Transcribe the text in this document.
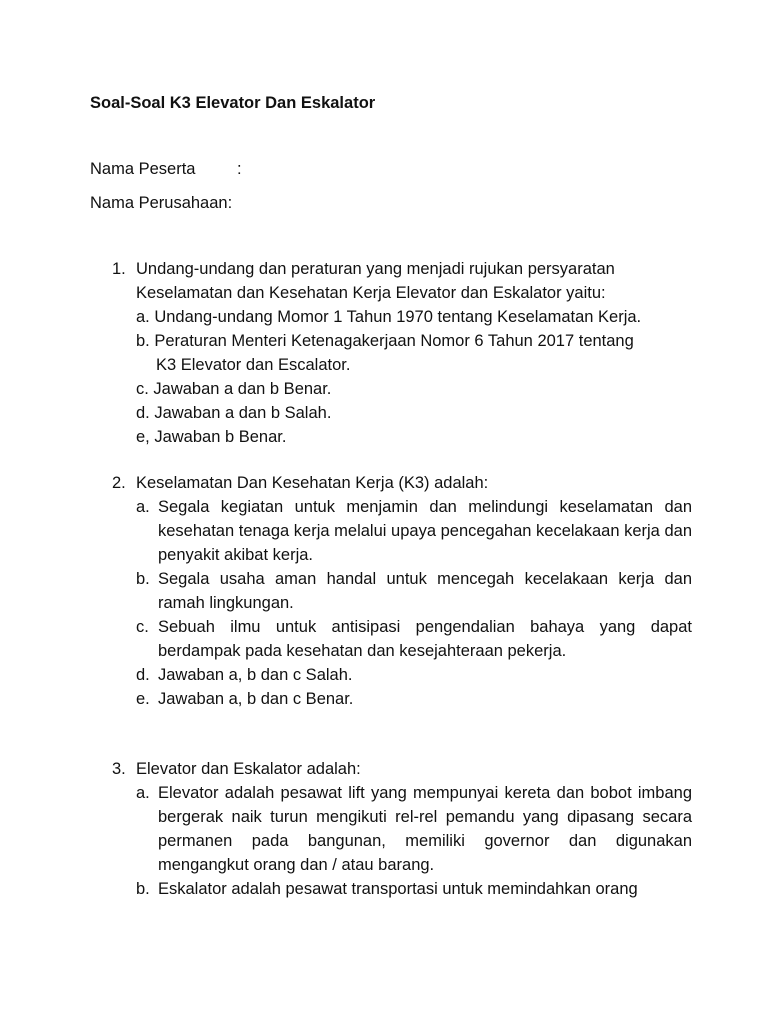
Soal-Soal K3 Elevator Dan Eskalator
Nama Peserta	:
Nama Perusahaan:
1. Undang-undang dan peraturan yang menjadi rujukan persyaratan
Keselamatan dan Kesehatan Kerja Elevator dan Eskalator yaitu:
a. Undang-undang Momor 1 Tahun 1970 tentang Keselamatan Kerja.
b. Peraturan Menteri Ketenagakerjaan Nomor 6 Tahun 2017 tentang
K3 Elevator dan Escalator.
c. Jawaban a dan b Benar.
d. Jawaban a dan b Salah.
e, Jawaban b Benar.
2. Keselamatan Dan Kesehatan Kerja (K3) adalah:
a. Segala kegiatan untuk menjamin dan melindungi keselamatan dan kesehatan tenaga kerja melalui upaya pencegahan kecelakaan kerja dan penyakit akibat kerja.
b. Segala usaha aman handal untuk mencegah kecelakaan kerja dan ramah lingkungan.
c. Sebuah ilmu untuk antisipasi pengendalian bahaya yang dapat berdampak pada kesehatan dan kesejahteraan pekerja.
d. Jawaban a, b dan c Salah.
e. Jawaban a, b dan c Benar.
3. Elevator dan Eskalator adalah:
a. Elevator adalah pesawat lift yang mempunyai kereta dan bobot imbang bergerak naik turun mengikuti rel-rel pemandu yang dipasang secara permanen pada bangunan, memiliki governor dan digunakan mengangkut orang dan / atau barang.
b. Eskalator adalah pesawat transportasi untuk memindahkan orang
